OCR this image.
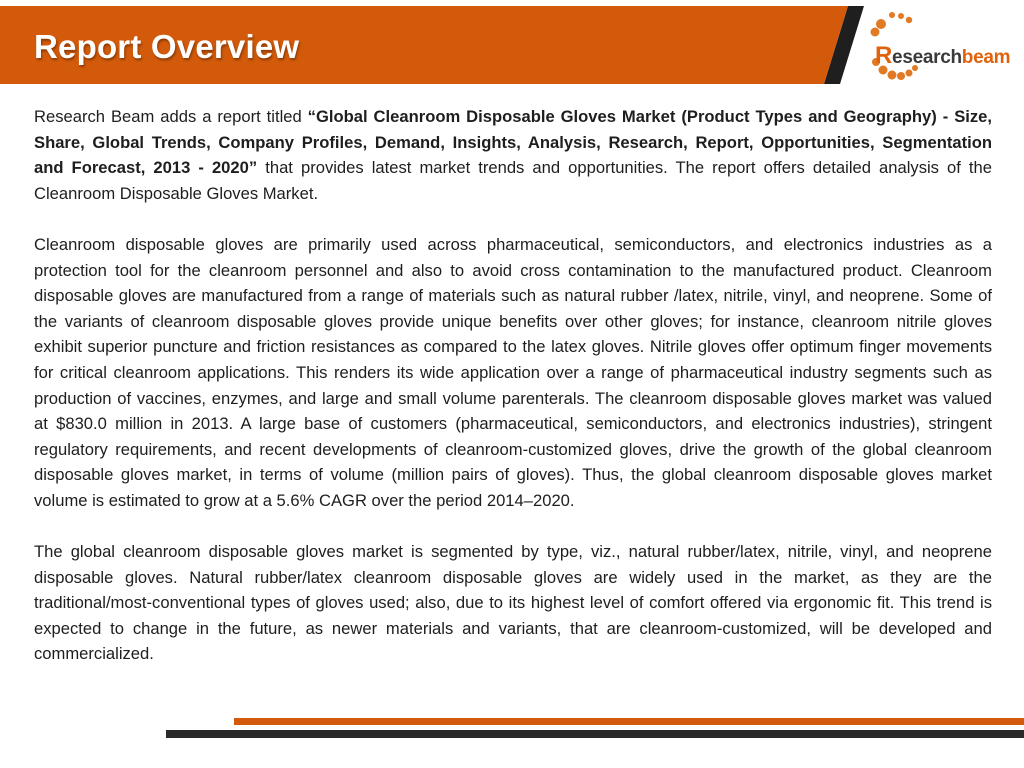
Report Overview	Researchbeam

Research Beam adds a report titled “Global Cleanroom Disposable Gloves Market (Product Types and Geography) - Size, Share, Global Trends, Company Profiles, Demand, Insights, Analysis, Research, Report, Opportunities, Segmentation and Forecast, 2013 - 2020” that provides latest market trends and opportunities. The report offers detailed analysis of the Cleanroom Disposable Gloves Market.

Cleanroom disposable gloves are primarily used across pharmaceutical, semiconductors, and electronics industries as a protection tool for the cleanroom personnel and also to avoid cross contamination to the manufactured product. Cleanroom disposable gloves are manufactured from a range of materials such as natural rubber /latex, nitrile, vinyl, and neoprene. Some of the variants of cleanroom disposable gloves provide unique benefits over other gloves; for instance, cleanroom nitrile gloves exhibit superior puncture and friction resistances as compared to the latex gloves. Nitrile gloves offer optimum finger movements for critical cleanroom applications. This renders its wide application over a range of pharmaceutical industry segments such as production of vaccines, enzymes, and large and small volume parenterals. The cleanroom disposable gloves market was valued at $830.0 million in 2013. A large base of customers (pharmaceutical, semiconductors, and electronics industries), stringent regulatory requirements, and recent developments of cleanroom-customized gloves, drive the growth of the global cleanroom disposable gloves market, in terms of volume (million pairs of gloves). Thus, the global cleanroom disposable gloves market volume is estimated to grow at a 5.6% CAGR over the period 2014–2020.

The global cleanroom disposable gloves market is segmented by type, viz., natural rubber/latex, nitrile, vinyl, and neoprene disposable gloves. Natural rubber/latex cleanroom disposable gloves are widely used in the market, as they are the traditional/most-conventional types of gloves used; also, due to its highest level of comfort offered via ergonomic fit. This trend is expected to change in the future, as newer materials and variants, that are cleanroom-customized, will be developed and commercialized.
